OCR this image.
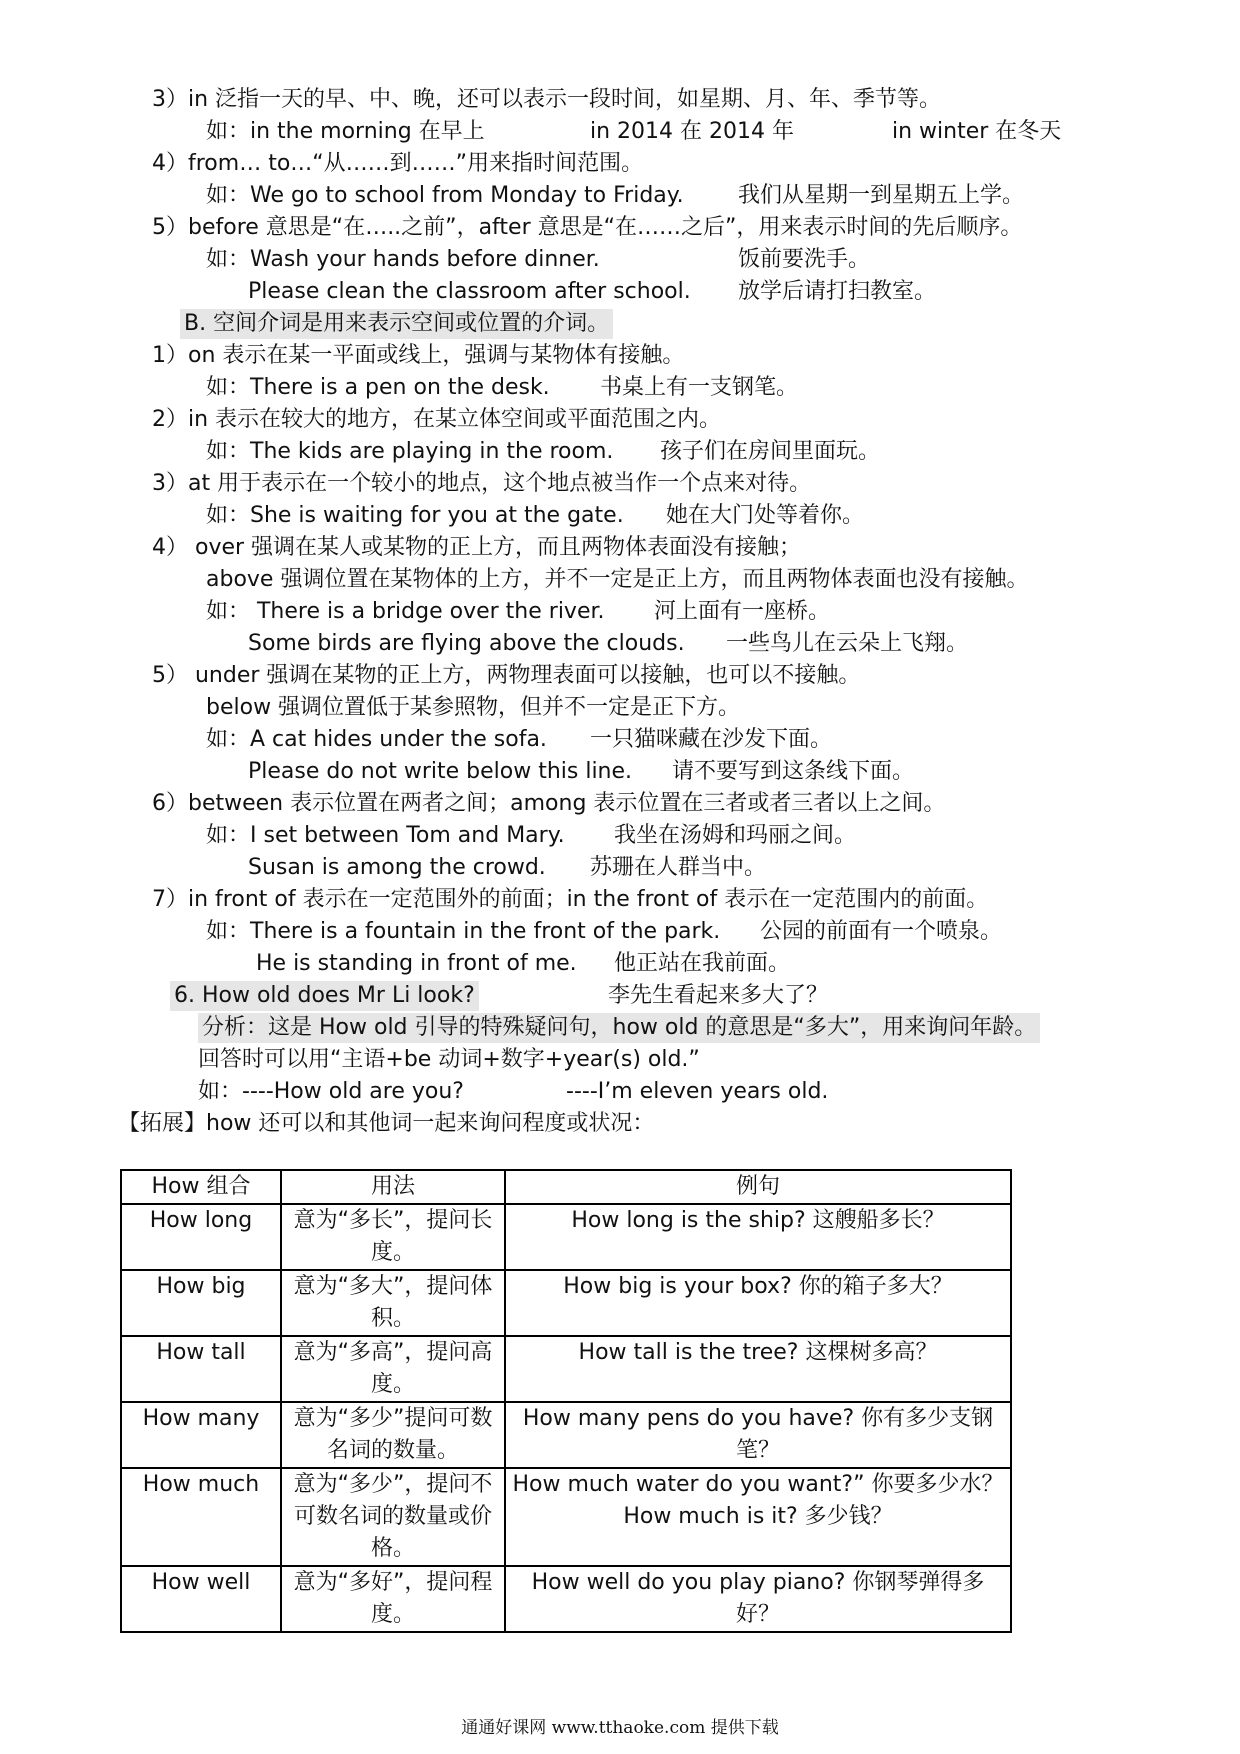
3）in 泛指一天的早、中、晚，还可以表示一段时间，如星期、月、年、季节等。
如：in the morning 在早上	in 2014 在 2014 年	in winter 在冬天
4）from… to…“从……到……”用来指时间范围。
如：We go to school from Monday to Friday. 我们从星期一到星期五上学。
5）before 意思是“在…..之前”，after 意思是“在……之后”，用来表示时间的先后顺序。
如：Wash your hands before dinner.	饭前要洗手。
Please clean the classroom after school. 放学后请打扫教室。
B. 空间介词是用来表示空间或位置的介词。
1）on 表示在某一平面或线上，强调与某物体有接触。
如：There is a pen on the desk. 书桌上有一支钢笔。
2）in 表示在较大的地方，在某立体空间或平面范围之内。
如：The kids are playing in the room. 孩子们在房间里面玩。
3）at 用于表示在一个较小的地点，这个地点被当作一个点来对待。
如：She is waiting for you at the gate. 她在大门处等着你。
4） over 强调在某人或某物的正上方，而且两物体表面没有接触；
above 强调位置在某物体的上方，并不一定是正上方，而且两物体表面也没有接触。
如： There is a bridge over the river. 河上面有一座桥。
Some birds are flying above the clouds. 一些鸟儿在云朵上飞翔。
5） under 强调在某物的正上方，两物理表面可以接触，也可以不接触。
below 强调位置低于某参照物，但并不一定是正下方。
如：A cat hides under the sofa. 一只猫咪藏在沙发下面。
Please do not write below this line. 请不要写到这条线下面。
6）between 表示位置在两者之间；among 表示位置在三者或者三者以上之间。
如：I set between Tom and Mary. 我坐在汤姆和玛丽之间。
Susan is among the crowd. 苏珊在人群当中。
7）in front of 表示在一定范围外的前面；in the front of 表示在一定范围内的前面。
如：There is a fountain in the front of the park. 公园的前面有一个喷泉。
He is standing in front of me. 他正站在我前面。
6. How old does Mr Li look?	李先生看起来多大了？
分析：这是 How old 引导的特殊疑问句，how old 的意思是“多大”，用来询问年龄。
回答时可以用“主语+be 动词+数字+year(s) old.”
如：----How old are you?	----I’m eleven years old.
【拓展】how 还可以和其他词一起来询问程度或状况：
How 组合	用法	例句
How long	意为“多长”，提问长度。	How long is the ship? 这艘船多长？
How big	意为“多大”，提问体积。	How big is your box? 你的箱子多大？
How tall	意为“多高”，提问高度。	How tall is the tree? 这棵树多高？
How many	意为“多少”提问可数名词的数量。	How many pens do you have? 你有多少支钢笔？
How much	意为“多少”，提问不可数名词的数量或价格。	How much water do you want?” 你要多少水？How much is it? 多少钱？
How well	意为“多好”，提问程度。	How well do you play piano? 你钢琴弹得多好？
通通好课网 www.tthaoke.com 提供下载
